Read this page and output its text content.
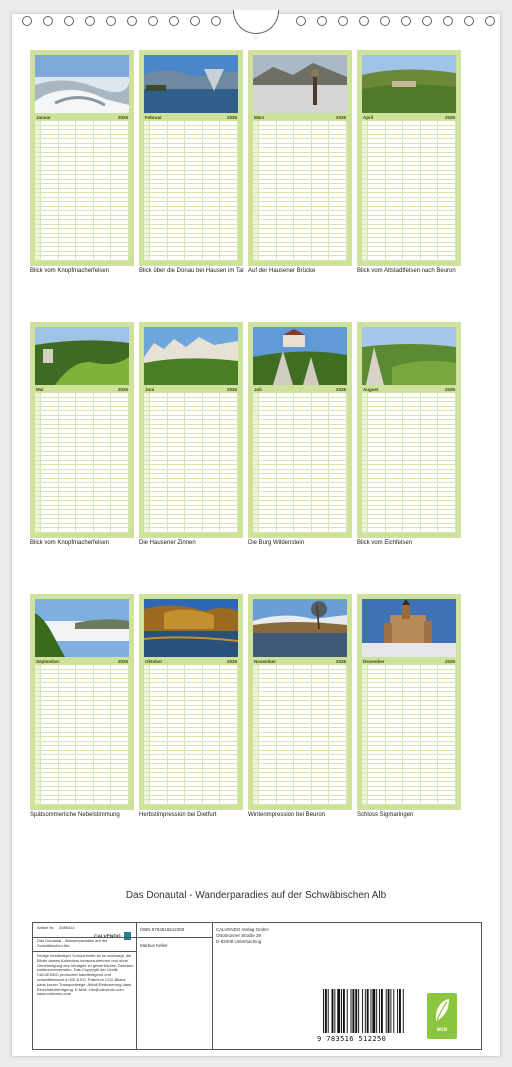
Januar	2026
Blick vom Knopfmacherfelsen
Februar	2026
Blick über die Donau bei Hausen im Tal
März	2026
Auf der Hausener Brücke
April	2026
Blick vom Altstadtfelsen nach Beuron
Mai	2026
Blick vom Knopfmacherfelsen
Juni	2026
Die Hausener Zinnen
Juli	2026
Die Burg Wildenstein
August	2026
Blick vom Eichfelsen
September	2026
Spätsommerliche Nebelstimmung
Oktober	2026
Herbstimpression bei Dietfurt
November	2026
Winterimpression bei Beuron
Dezember	2026
Schloss Sigmaringen
Das Donautal - Wanderparadies auf der Schwäbischen Alb
Artikel Nr. 2086314
Das Donautal - Wanderparadies auf der Schwäbischen Alb
Infolge beständiger Schutzrechte ist es untersagt, die Bilder dieses Kalenders herauszutrennen und ohne Genehmigung des Verlages zu gewerblichen Zwecken weiterzuverwenden. Das Copyright der Grafik CALVENDO produziert handfertigend und umweltbewusst in DE & EU. Prämium CO2-Bilanz dank kurzer Transportwege. Abfall-Reduzierung dank Einzelstückfertigung. E-Mail: info@calvendo.com www.calvendo.com
ISBN 9783516512250
Markus Keller
CALVENDO Verlag GmbH
Ottobrunner Straße 39
D-82008 Unterhaching
9 783516 512250
eco
